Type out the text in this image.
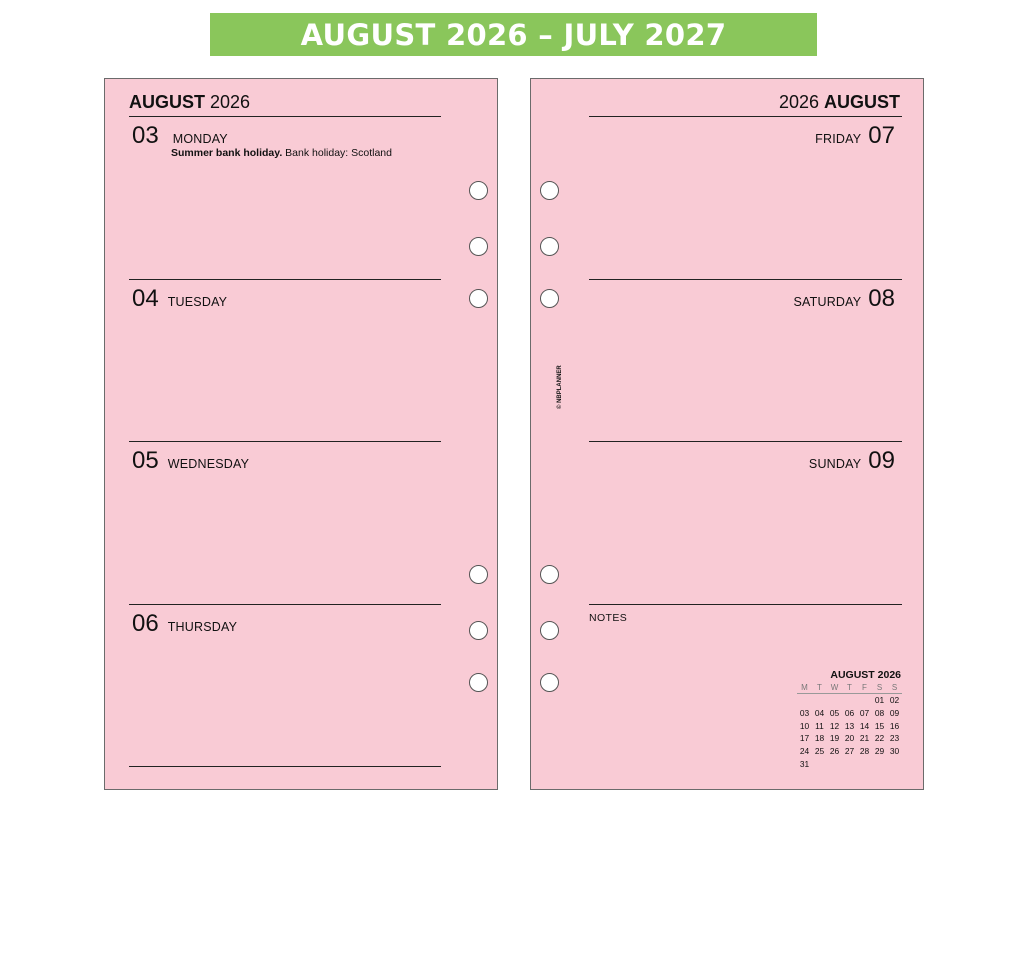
AUGUST 2026 – JULY 2027
AUGUST 2026
03 MONDAY
Summer bank holiday. Bank holiday: Scotland
04 TUESDAY
05 WEDNESDAY
06 THURSDAY
2026 AUGUST
FRIDAY 07
SATURDAY 08
SUNDAY 09
NOTES
© NBPLANNER
AUGUST 2026
M	T	W	T	F	S	S
					01	02
03	04	05	06	07	08	09
10	11	12	13	14	15	16
17	18	19	20	21	22	23
24	25	26	27	28	29	30
31						
